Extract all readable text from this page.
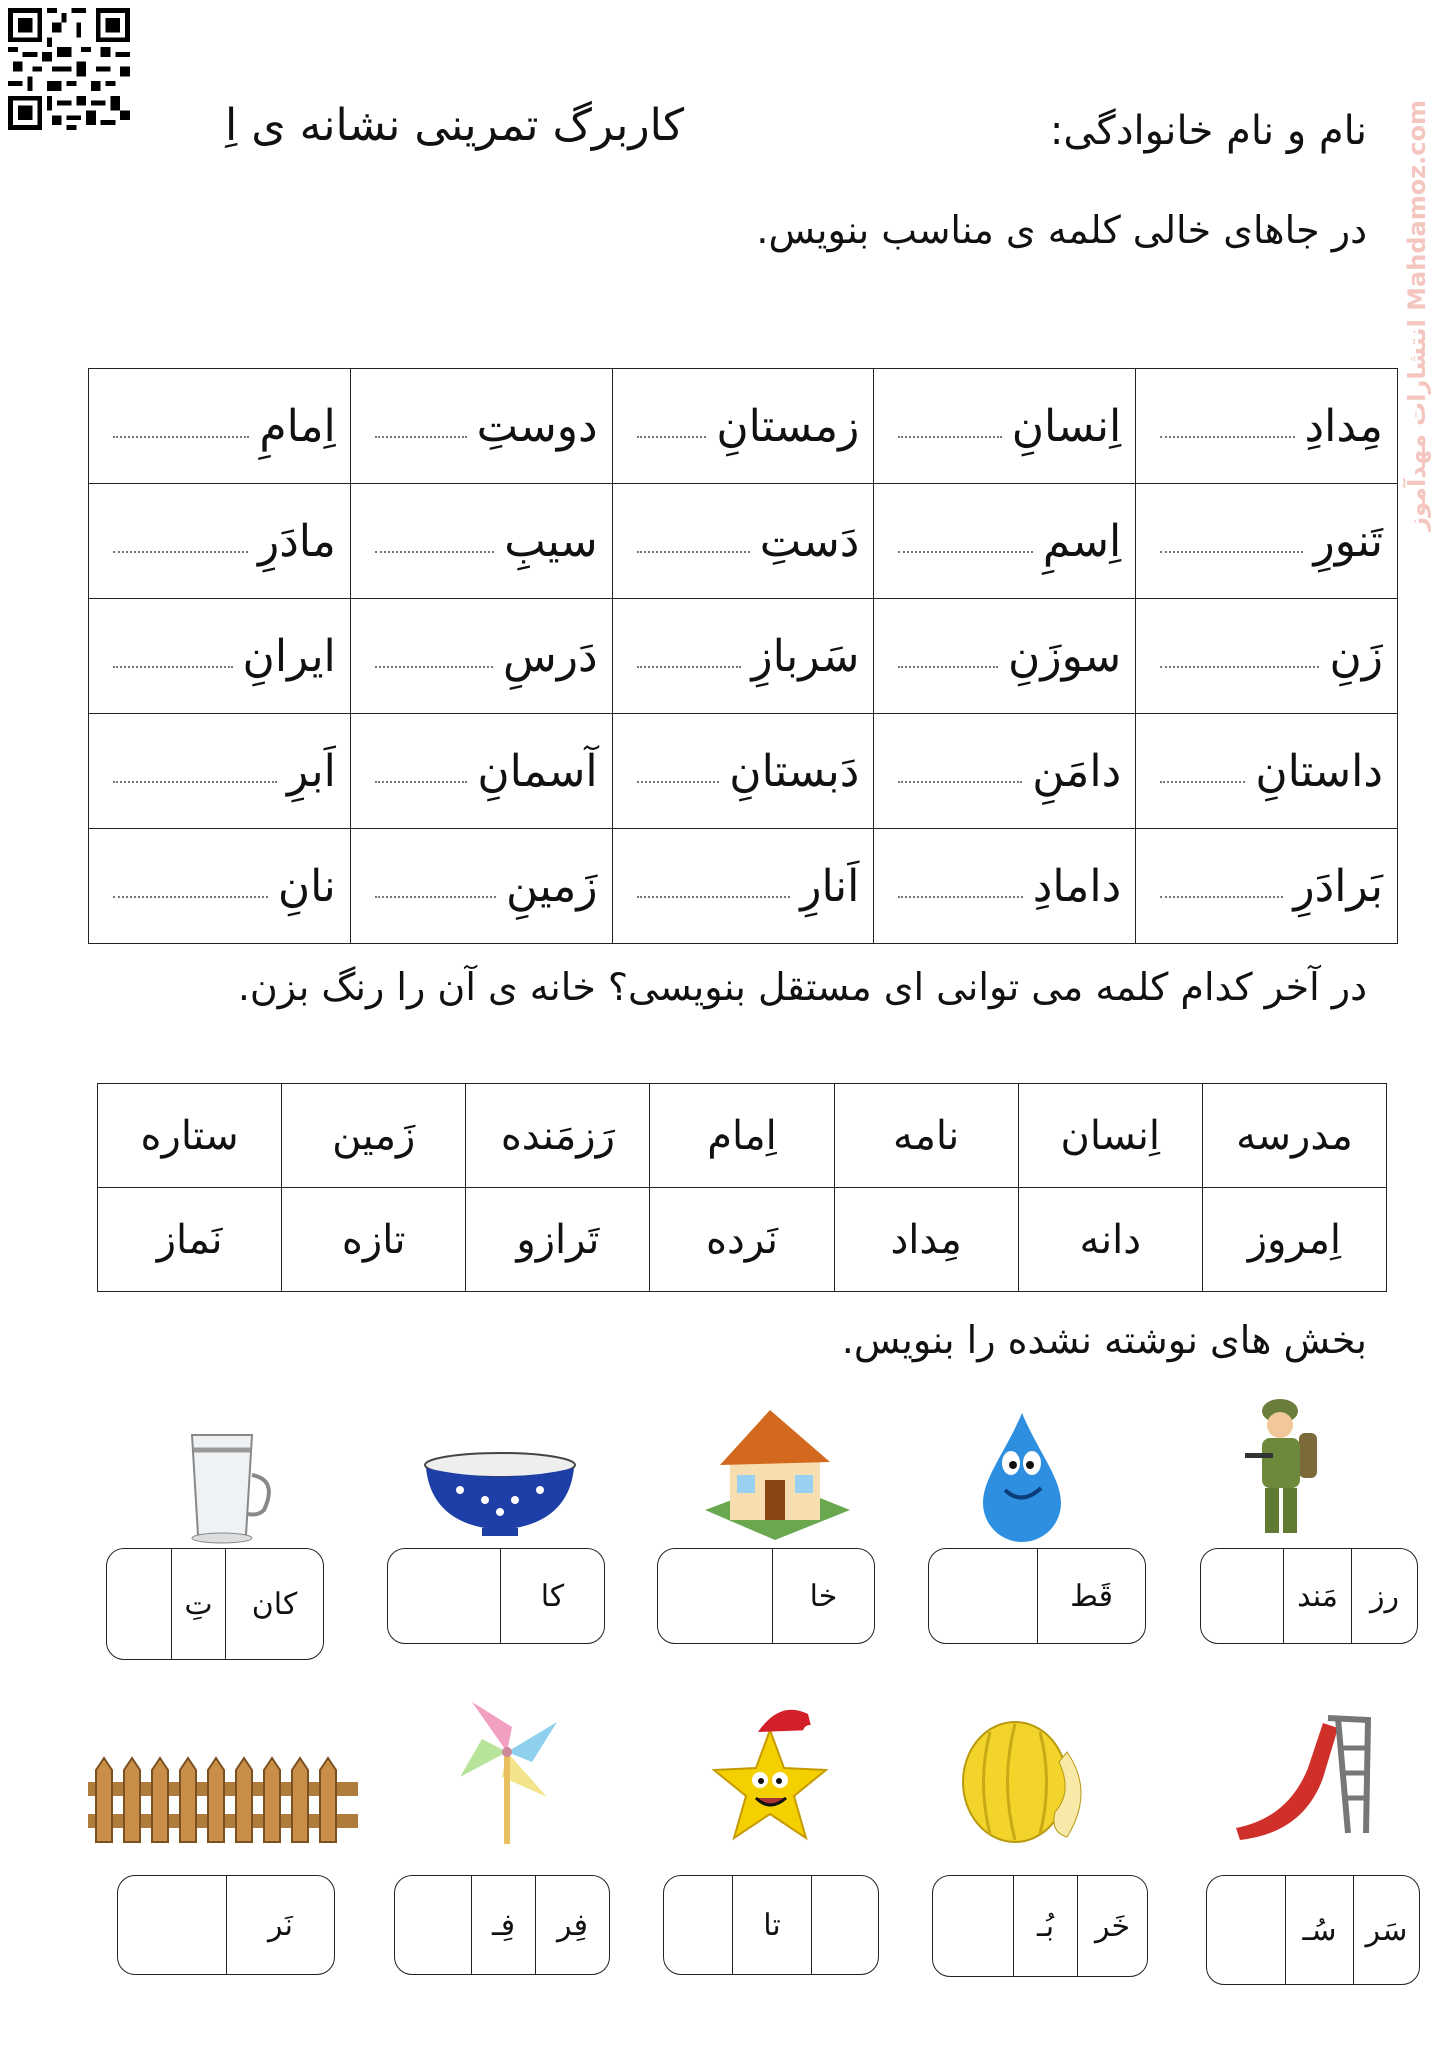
نام و نام خانوادگی:
کاربرگ تمرینی نشانه ی اِ
انتشارات مهدآموز Mahdamoz.com
در جاهای خالی کلمه ی مناسب بنویس.
اِمامِ	دوستِ	زمستانِ	اِنسانِ	مِدادِ

مادَرِ	سیبِ	دَستِ	اِسمِ	تَنورِ

ایرانِ	دَرسِ	سَربازِ	سوزَنِ	زَنِ

اَبرِ	آسمانِ	دَبستانِ	دامَنِ	داستانِ

نانِ	زَمینِ	اَنارِ	دامادِ	بَرادَرِ
در آخر کدام کلمه می توانی ای مستقل بنویسی؟ خانه ی آن را رنگ بزن.
مدرسه	اِنسان	نامه	اِمام	رَزمَنده	زَمین	ستاره
اِمروز	دانه	مِداد	نَرده	تَرازو	تازه	نَماز
بخش های نوشته نشده را بنویس.
رز
مَند
قَط
خا
کا
کان
تِ
سَر
سُـ
خَر
بُـ
تا
فِر
فِـ
نَر
